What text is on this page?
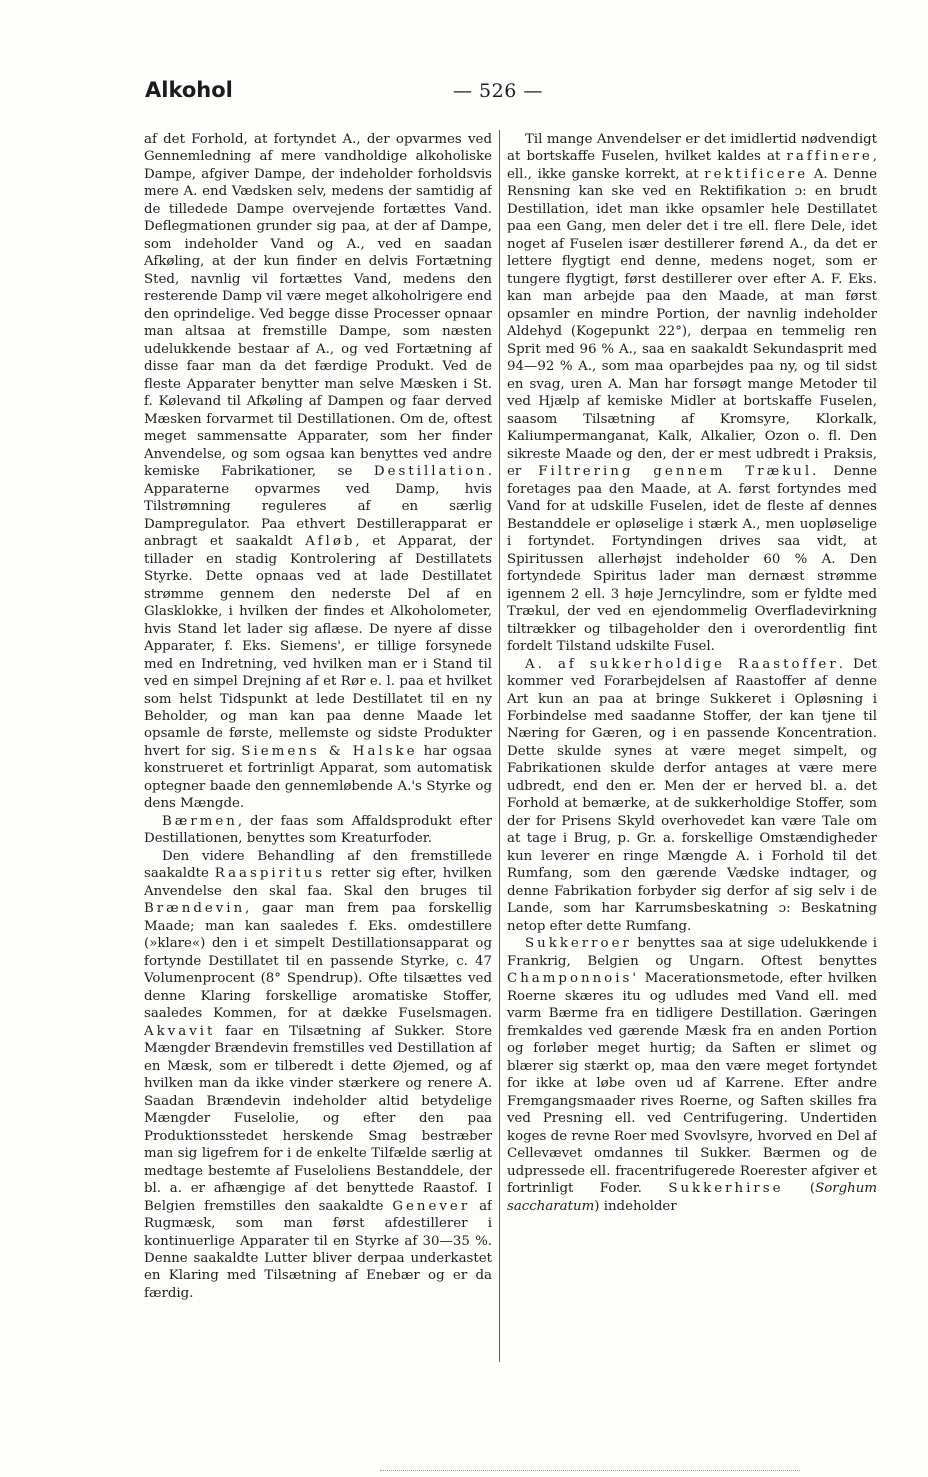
Alkohol	— 526 —

af det Forhold, at fortyndet A., der opvarmes ved Gennemledning af mere vandholdige alkoholiske Dampe, afgiver Dampe, der indeholder forholdsvis mere A. end Vædsken selv, medens der samtidig af de tilledede Dampe overvejende fortættes Vand. Deflegmationen grunder sig paa, at der af Dampe, som indeholder Vand og A., ved en saadan Afkøling, at der kun finder en delvis Fortætning Sted, navnlig vil fortættes Vand, medens den resterende Damp vil være meget alkoholrigere end den oprindelige. Ved begge disse Processer opnaar man altsaa at fremstille Dampe, som næsten udelukkende bestaar af A., og ved Fortætning af disse faar man da det færdige Produkt. Ved de fleste Apparater benytter man selve Mæsken i St. f. Kølevand til Afkøling af Dampen og faar derved Mæsken forvarmet til Destillationen. Om de, oftest meget sammensatte Apparater, som her finder Anvendelse, og som ogsaa kan benyttes ved andre kemiske Fabrikationer, se Destillation. Apparaterne opvarmes ved Damp, hvis Tilstrømning reguleres af en særlig Dampregulator. Paa ethvert Destillerapparat er anbragt et saakaldt Afløb, et Apparat, der tillader en stadig Kontrolering af Destillatets Styrke. Dette opnaas ved at lade Destillatet strømme gennem den nederste Del af en Glasklokke, i hvilken der findes et Alkoholometer, hvis Stand let lader sig aflæse. De nyere af disse Apparater, f. Eks. Siemens', er tillige forsynede med en Indretning, ved hvilken man er i Stand til ved en simpel Drejning af et Rør e. l. paa et hvilket som helst Tidspunkt at lede Destillatet til en ny Beholder, og man kan paa denne Maade let opsamle de første, mellemste og sidste Produkter hvert for sig. Siemens & Halske har ogsaa konstrueret et fortrinligt Apparat, som automatisk optegner baade den gennemløbende A.'s Styrke og dens Mængde.

Bærmen, der faas som Affaldsprodukt efter Destillationen, benyttes som Kreaturfoder.

Den videre Behandling af den fremstillede saakaldte Raaspiritus retter sig efter, hvilken Anvendelse den skal faa. Skal den bruges til Brændevin, gaar man frem paa forskellig Maade; man kan saaledes f. Eks. omdestillere (»klare«) den i et simpelt Destillationsapparat og fortynde Destillatet til en passende Styrke, c. 47 Volumenprocent (8° Spendrup). Ofte tilsættes ved denne Klaring forskellige aromatiske Stoffer, saaledes Kommen, for at dække Fuselsmagen. Akvavit faar en Tilsætning af Sukker. Store Mængder Brændevin fremstilles ved Destillation af en Mæsk, som er tilberedt i dette Øjemed, og af hvilken man da ikke vinder stærkere og renere A. Saadan Brændevin indeholder altid betydelige Mængder Fuselolie, og efter den paa Produktionsstedet herskende Smag bestræber man sig ligefrem for i de enkelte Tilfælde særlig at medtage bestemte af Fuseloliens Bestanddele, der bl. a. er afhængige af det benyttede Raastof. I Belgien fremstilles den saakaldte Genever af Rugmæsk, som man først afdestillerer i kontinuerlige Apparater til en Styrke af 30—35 %. Denne saakaldte Lutter bliver derpaa underkastet en Klaring med Tilsætning af Enebær og er da færdig.

Til mange Anvendelser er det imidlertid nødvendigt at bortskaffe Fuselen, hvilket kaldes at raffinere, ell., ikke ganske korrekt, at rektificere A. Denne Rensning kan ske ved en Rektifikation ɔ: en brudt Destillation, idet man ikke opsamler hele Destillatet paa een Gang, men deler det i tre ell. flere Dele, idet noget af Fuselen især destillerer førend A., da det er lettere flygtigt end denne, medens noget, som er tungere flygtigt, først destillerer over efter A. F. Eks. kan man arbejde paa den Maade, at man først opsamler en mindre Portion, der navnlig indeholder Aldehyd (Kogepunkt 22°), derpaa en temmelig ren Sprit med 96 % A., saa en saakaldt Sekundasprit med 94—92 % A., som maa oparbejdes paa ny, og til sidst en svag, uren A. Man har forsøgt mange Metoder til ved Hjælp af kemiske Midler at bortskaffe Fuselen, saasom Tilsætning af Kromsyre, Klorkalk, Kaliumpermanganat, Kalk, Alkalier, Ozon o. fl. Den sikreste Maade og den, der er mest udbredt i Praksis, er Filtrering gennem Trækul. Denne foretages paa den Maade, at A. først fortyndes med Vand for at udskille Fuselen, idet de fleste af dennes Bestanddele er opløselige i stærk A., men uopløselige i fortyndet. Fortyndingen drives saa vidt, at Spiritussen allerhøjst indeholder 60 % A. Den fortyndede Spiritus lader man dernæst strømme igennem 2 ell. 3 høje Jerncylindre, som er fyldte med Trækul, der ved en ejendommelig Overfladevirkning tiltrækker og tilbageholder den i overordentlig fint fordelt Tilstand udskilte Fusel.

A. af sukkerholdige Raastoffer. Det kommer ved Forarbejdelsen af Raastoffer af denne Art kun an paa at bringe Sukkeret i Opløsning i Forbindelse med saadanne Stoffer, der kan tjene til Næring for Gæren, og i en passende Koncentration. Dette skulde synes at være meget simpelt, og Fabrikationen skulde derfor antages at være mere udbredt, end den er. Men der er herved bl. a. det Forhold at bemærke, at de sukkerholdige Stoffer, som der for Prisens Skyld overhovedet kan være Tale om at tage i Brug, p. Gr. a. forskellige Omstændigheder kun leverer en ringe Mængde A. i Forhold til det Rumfang, som den gærende Vædske indtager, og denne Fabrikation forbyder sig derfor af sig selv i de Lande, som har Karrumsbeskatning ɔ: Beskatning netop efter dette Rumfang.

Sukkerroer benyttes saa at sige udelukkende i Frankrig, Belgien og Ungarn. Oftest benyttes Champonnois' Macerationsmetode, efter hvilken Roerne skæres itu og udludes med Vand ell. med varm Bærme fra en tidligere Destillation. Gæringen fremkaldes ved gærende Mæsk fra en anden Portion og forløber meget hurtig; da Saften er slimet og blærer sig stærkt op, maa den være meget fortyndet for ikke at løbe oven ud af Karrene. Efter andre Fremgangsmaader rives Roerne, og Saften skilles fra ved Presning ell. ved Centrifugering. Undertiden koges de revne Roer med Svovlsyre, hvorved en Del af Cellevævet omdannes til Sukker. Bærmen og de udpressede ell. fracentrifugerede Roerester afgiver et fortrinligt Foder. Sukkerhirse (Sorghum saccharatum) indeholder
